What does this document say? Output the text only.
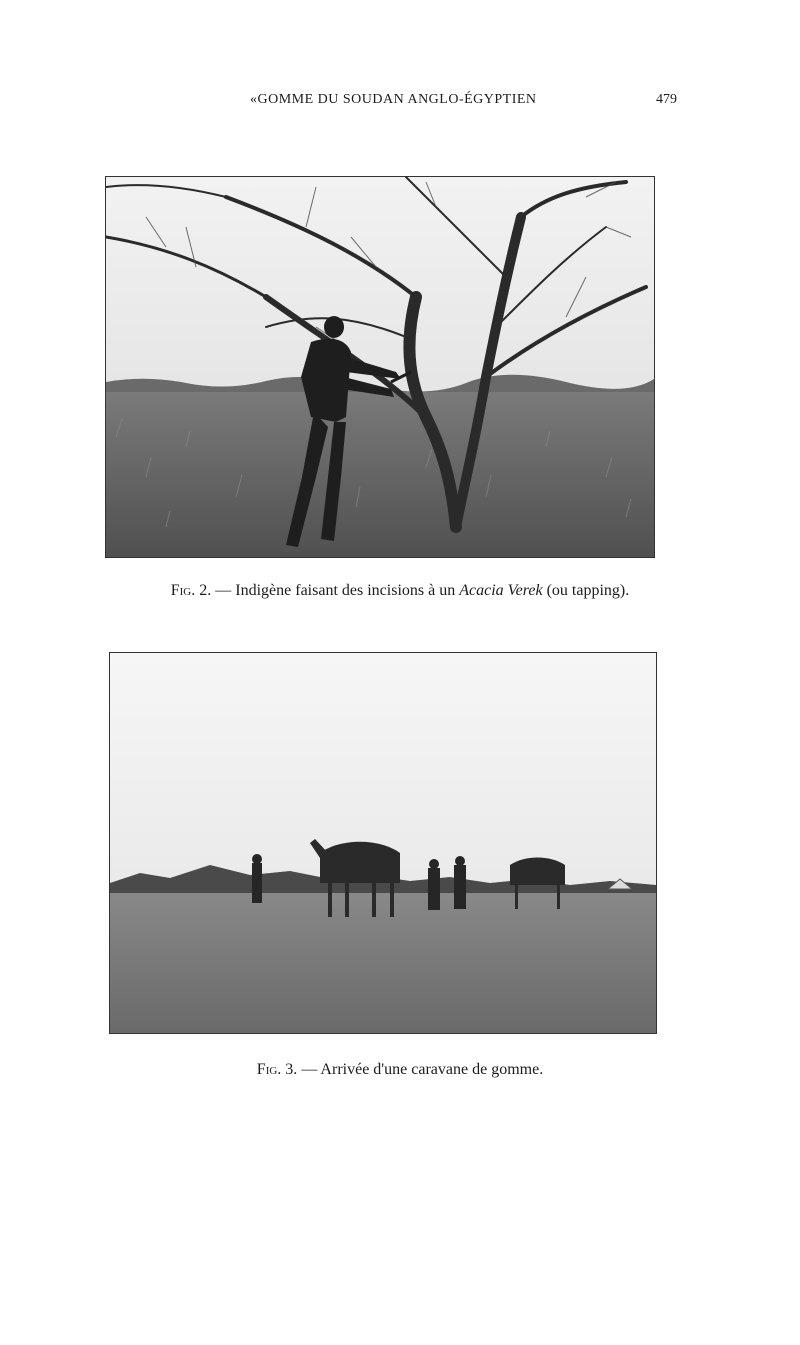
«GOMME DU SOUDAN ANGLO-ÉGYPTIEN	479
Fig. 2. — Indigène faisant des incisions à un Acacia Verek (ou tapping).
Fig. 3. — Arrivée d'une caravane de gomme.
